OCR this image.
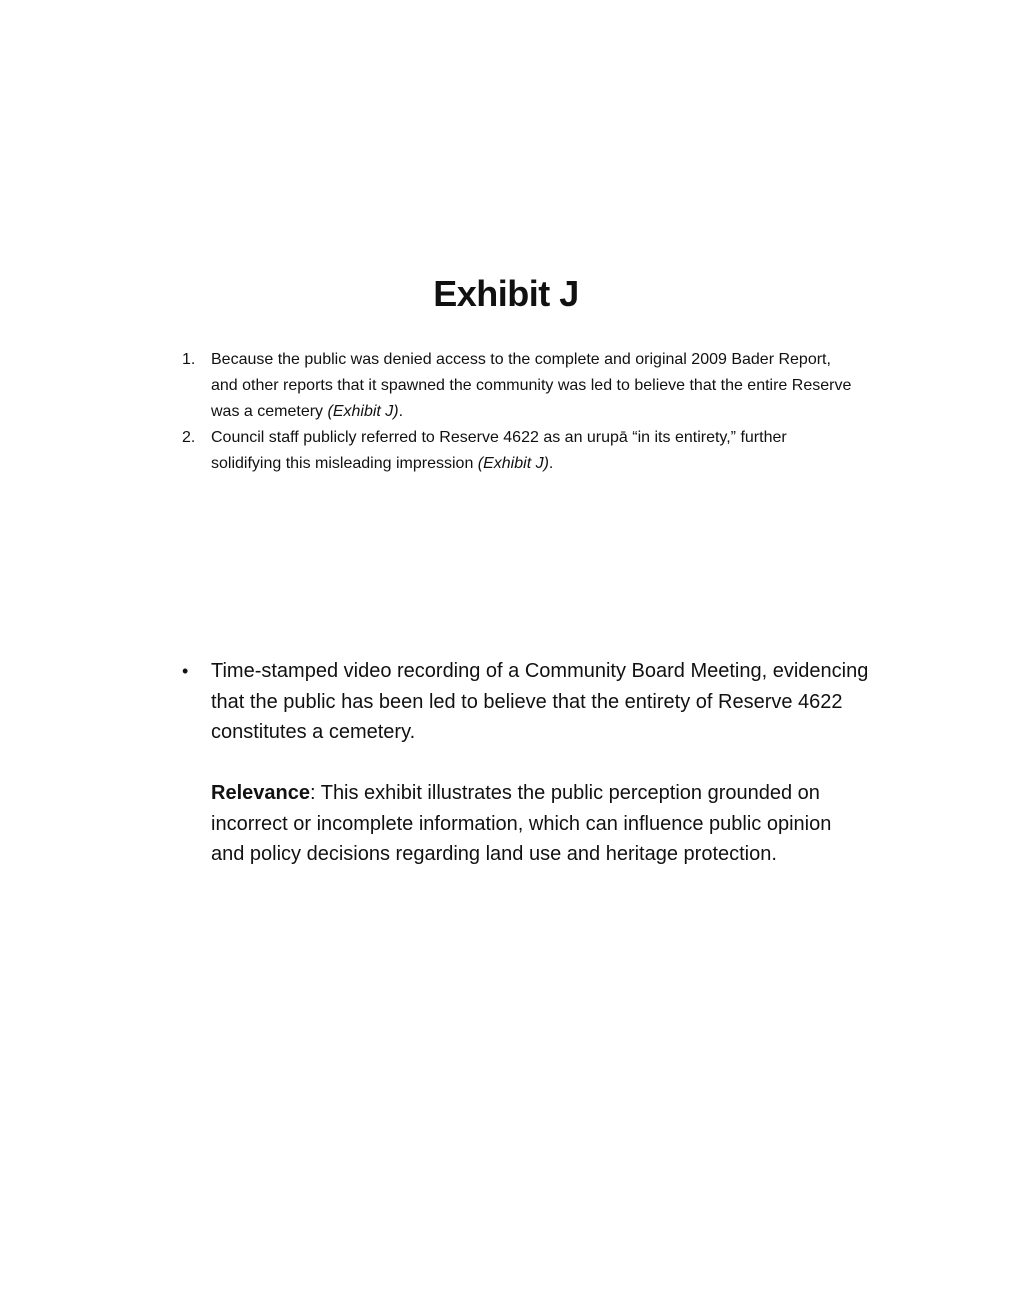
Exhibit J
1. Because the public was denied access to the complete and original 2009 Bader Report, and other reports that it spawned the community was led to believe that the entire Reserve was a cemetery (Exhibit J).
2. Council staff publicly referred to Reserve 4622 as an urupā “in its entirety,” further solidifying this misleading impression (Exhibit J).
• Time-stamped video recording of a Community Board Meeting, evidencing that the public has been led to believe that the entirety of Reserve 4622 constitutes a cemetery.

Relevance: This exhibit illustrates the public perception grounded on incorrect or incomplete information, which can influence public opinion and policy decisions regarding land use and heritage protection.
